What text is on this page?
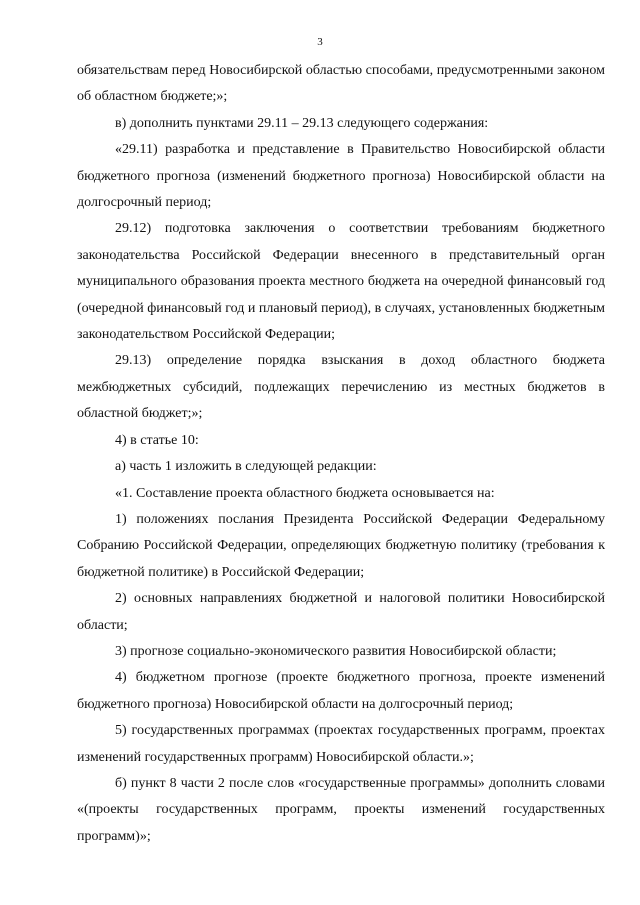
3

обязательствам перед Новосибирской областью способами, предусмотренными законом об областном бюджете;»;

в) дополнить пунктами 29.11 – 29.13 следующего содержания:

«29.11) разработка и представление в Правительство Новосибирской области бюджетного прогноза (изменений бюджетного прогноза) Новосибирской области на долгосрочный период;

29.12) подготовка заключения о соответствии требованиям бюджетного законодательства Российской Федерации внесенного в представительный орган муниципального образования проекта местного бюджета на очередной финансовый год (очередной финансовый год и плановый период), в случаях, установленных бюджетным законодательством Российской Федерации;

29.13) определение порядка взыскания в доход областного бюджета межбюджетных субсидий, подлежащих перечислению из местных бюджетов в областной бюджет;»;

4) в статье 10:

а) часть 1 изложить в следующей редакции:

«1. Составление проекта областного бюджета основывается на:

1) положениях послания Президента Российской Федерации Федеральному Собранию Российской Федерации, определяющих бюджетную политику (требования к бюджетной политике) в Российской Федерации;

2) основных направлениях бюджетной и налоговой политики Новосибирской области;

3) прогнозе социально-экономического развития Новосибирской области;

4) бюджетном прогнозе (проекте бюджетного прогноза, проекте изменений бюджетного прогноза) Новосибирской области на долгосрочный период;

5) государственных программах (проектах государственных программ, проектах изменений государственных программ) Новосибирской области.»;

б) пункт 8 части 2 после слов «государственные программы» дополнить словами «(проекты государственных программ, проекты изменений государственных программ)»;
